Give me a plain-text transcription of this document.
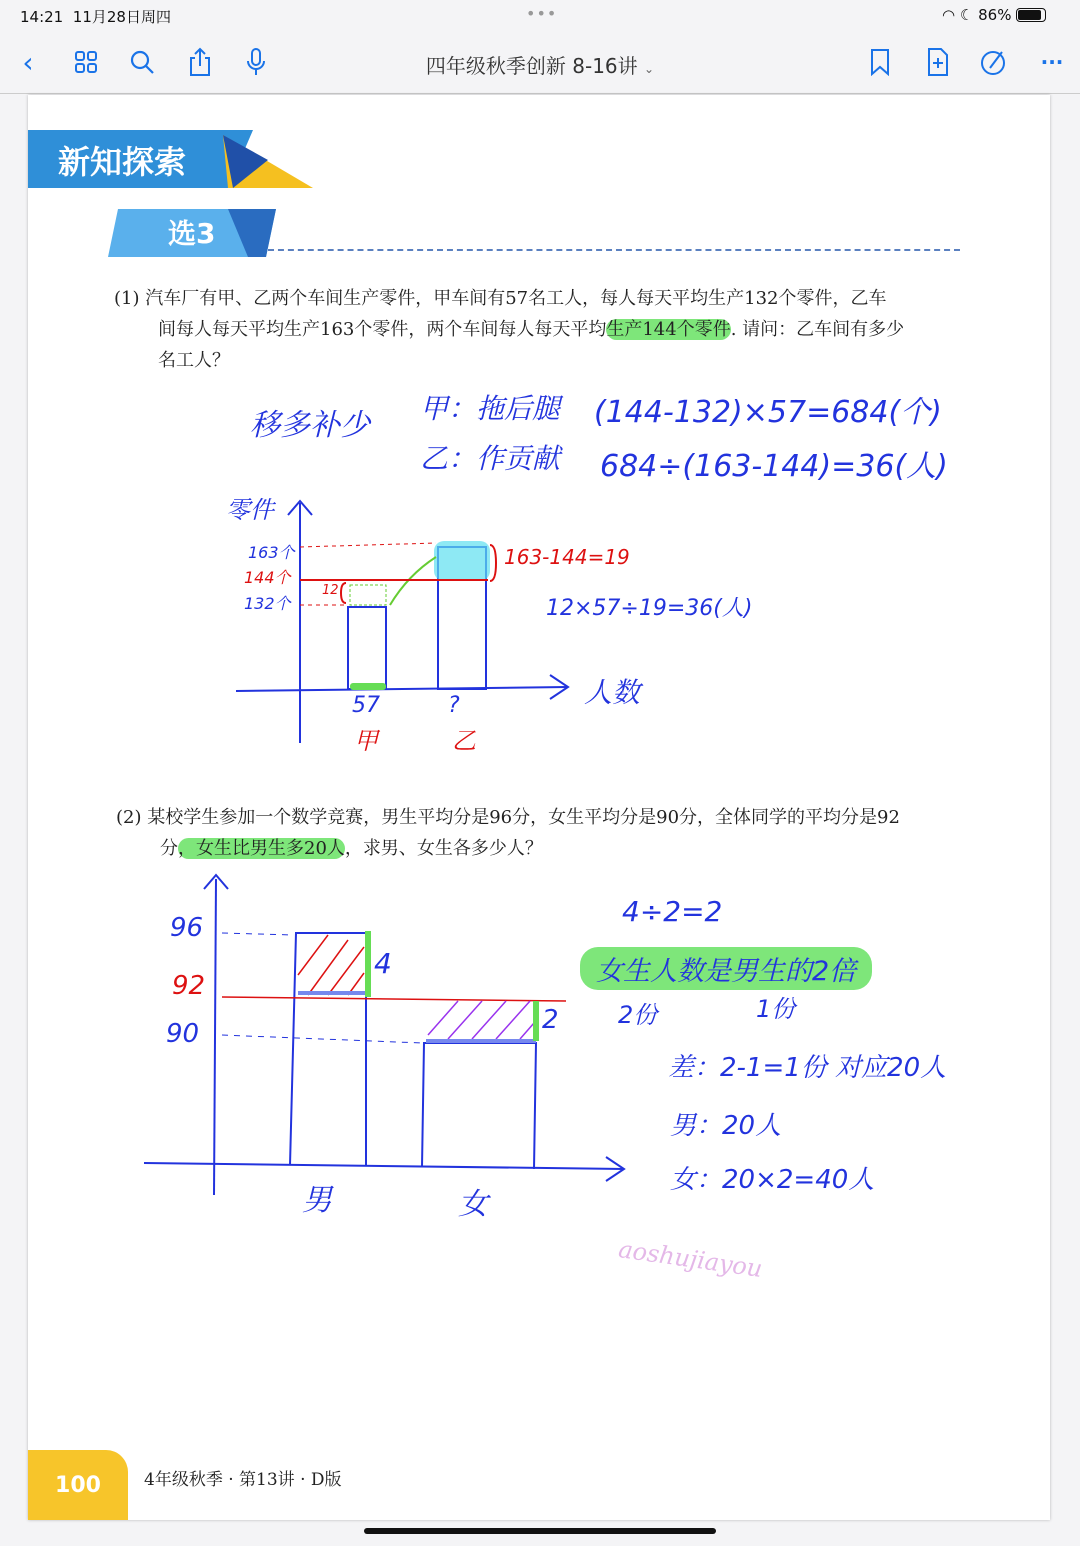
14:21 11月28日周四	•••	◠ ☾ 86%
‹	四年级秋季创新 8-16讲 ⌄	···
新知探索
选3
(1) 汽车厂有甲、乙两个车间生产零件，甲车间有57名工人，每人每天平均生产132个零件，乙车
间每人每天平均生产163个零件，两个车间每人每天平均生产144个零件. 请问：乙车间有多少
名工人？
移多补少 甲：拖后腿
乙：作贡献
(144-132)×57=684(个)
684÷(163-144)=36(人)
零件
163个
144个
132个
12
163-144=19
12×57÷19=36(人)
人数
57	?
甲	乙
(2) 某校学生参加一个数学竞赛，男生平均分是96分，女生平均分是90分，全体同学的平均分是92
分，女生比男生多20人，求男、女生各多少人？
96
92
90
4
2
男	女
4÷2=2
女生人数是男生的2倍
2份	1份
差：2-1=1份 对应20人
男：20人
女：20×2=40人
aoshujiayou
100	4年级秋季 · 第13讲 · D版
